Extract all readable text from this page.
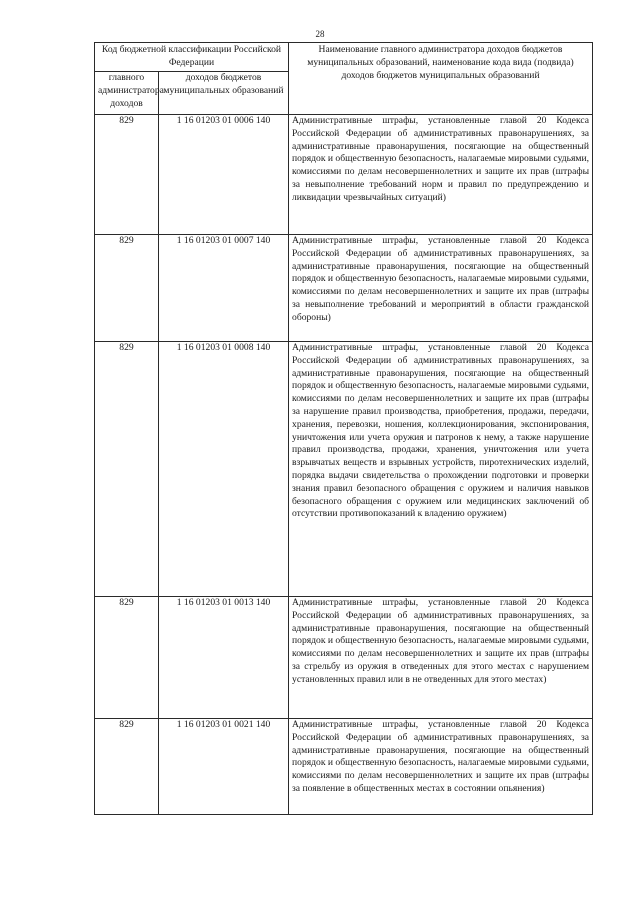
28
Код бюджетной классификации Российской Федерации		Наименование главного администратора доходов бюджетов муниципальных образований, наименование кода вида (подвида) доходов бюджетов муниципальных образований
главного администратора доходов	доходов бюджетов муниципальных образований	
829	1 16 01203 01 0006 140	Административные штрафы, установленные главой 20 Кодекса Российской Федерации об административных правонарушениях, за административные правонарушения, посягающие на общественный порядок и общественную безопасность, налагаемые мировыми судьями, комиссиями по делам несовершеннолетних и защите их прав (штрафы за невыполнение требований норм и правил по предупреждению и ликвидации чрезвычайных ситуаций)
829	1 16 01203 01 0007 140	Административные штрафы, установленные главой 20 Кодекса Российской Федерации об административных правонарушениях, за административные правонарушения, посягающие на общественный порядок и общественную безопасность, налагаемые мировыми судьями, комиссиями по делам несовершеннолетних и защите их прав (штрафы за невыполнение требований и мероприятий в области гражданской обороны)
829	1 16 01203 01 0008 140	Административные штрафы, установленные главой 20 Кодекса Российской Федерации об административных правонарушениях, за административные правонарушения, посягающие на общественный порядок и общественную безопасность, налагаемые мировыми судьями, комиссиями по делам несовершеннолетних и защите их прав (штрафы за нарушение правил производства, приобретения, продажи, передачи, хранения, перевозки, ношения, коллекционирования, экспонирования, уничтожения или учета оружия и патронов к нему, а также нарушение правил производства, продажи, хранения, уничтожения или учета взрывчатых веществ и взрывных устройств, пиротехнических изделий, порядка выдачи свидетельства о прохождении подготовки и проверки знания правил безопасного обращения с оружием и наличия навыков безопасного обращения с оружием или медицинских заключений об отсутствии противопоказаний к владению оружием)
829	1 16 01203 01 0013 140	Административные штрафы, установленные главой 20 Кодекса Российской Федерации об административных правонарушениях, за административные правонарушения, посягающие на общественный порядок и общественную безопасность, налагаемые мировыми судьями, комиссиями по делам несовершеннолетних и защите их прав (штрафы за стрельбу из оружия в отведенных для этого местах с нарушением установленных правил или в не отведенных для этого местах)
829	1 16 01203 01 0021 140	Административные штрафы, установленные главой 20 Кодекса Российской Федерации об административных правонарушениях, за административные правонарушения, посягающие на общественный порядок и общественную безопасность, налагаемые мировыми судьями, комиссиями по делам несовершеннолетних и защите их прав (штрафы за появление в общественных местах в состоянии опьянения)
